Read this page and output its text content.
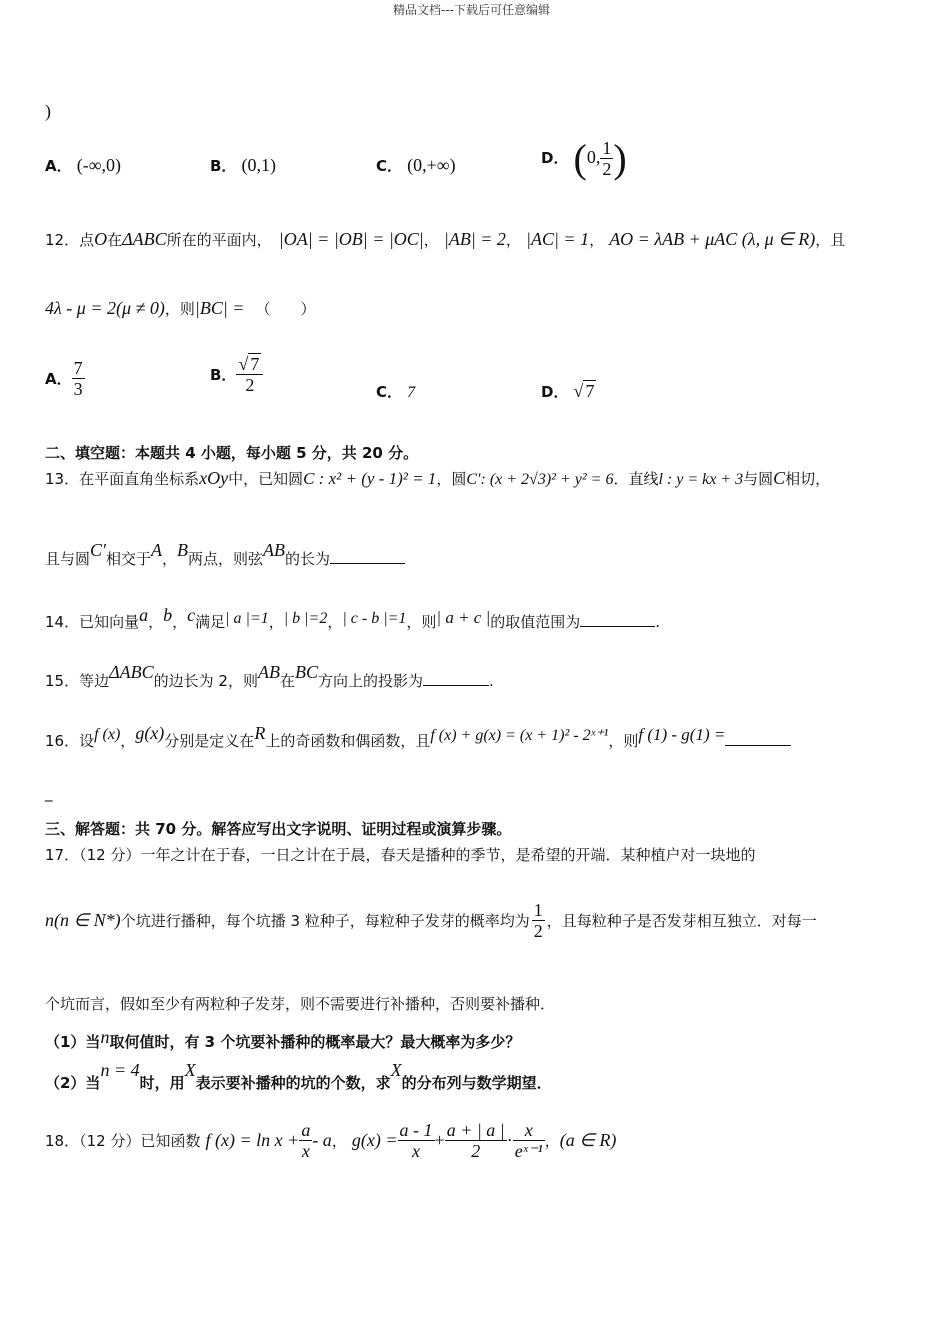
精品文档---下载后可任意编辑
)
A． (-∞,0)	B． (0,1)	C． (0,+∞)	D． (0, $\frac{1}{2}$ )
12．点O在ΔABC所在的平面内， |OA| = |OB| = |OC|， |AB| = 2， |AC| = 1， AO = λAB + μAC (λ, μ ∈ R)，且
4λ - μ = 2(μ ≠ 0)，则|BC| = （　　）
A． $\frac{7}{3}$	B． $\frac{√ 7}{2}$	C． 7	D． √ 7
二、填空题：本题共 4 小题，每小题 5 分，共 20 分。
13．在平面直角坐标系xOy中，已知圆C : x² + (y - 1)² = 1，圆C′: (x + 2√3)² + y² = 6．直线l : y = kx + 3与圆C相切，
且与圆C′相交于A，B两点，则弦AB的长为
14．已知向量a，b，c满足| a |=1，| b |=2，| c - b |=1，则| a + c |的取值范围为	.
15．等边ΔABC的边长为 2，则AB在BC方向上的投影为	.
16．设f (x)，g(x)分别是定义在R上的奇函数和偶函数，且f (x) + g(x) = (x + 1)² - 2ˣ⁺¹，则f (1) - g(1) =
_
三、解答题：共 70 分。解答应写出文字说明、证明过程或演算步骤。
17．（12 分）一年之计在于春，一日之计在于晨，春天是播种的季节，是希望的开端．某种植户对一块地的
n(n ∈ N*)个坑进行播种，每个坑播 3 粒种子，每粒种子发芽的概率均为 $\frac{1}{2}$ ，且每粒种子是否发芽相互独立．对每一
个坑而言，假如至少有两粒种子发芽，则不需要进行补播种，否则要补播种．
（1）当n取何值时，有 3 个坑要补播种的概率最大？最大概率为多少？
（2）当n = 4时，用X表示要补播种的坑的个数，求X的分布列与数学期望．
18．（12 分）已知函数 f $(x) = \ln x + \frac{a}{x} - a$， $g(x) = \frac{a - 1}{x} + \frac{a + | a |}{2} \cdot \frac{x}{\text{eˣ⁻¹}}$ ，(a ∈ R)
